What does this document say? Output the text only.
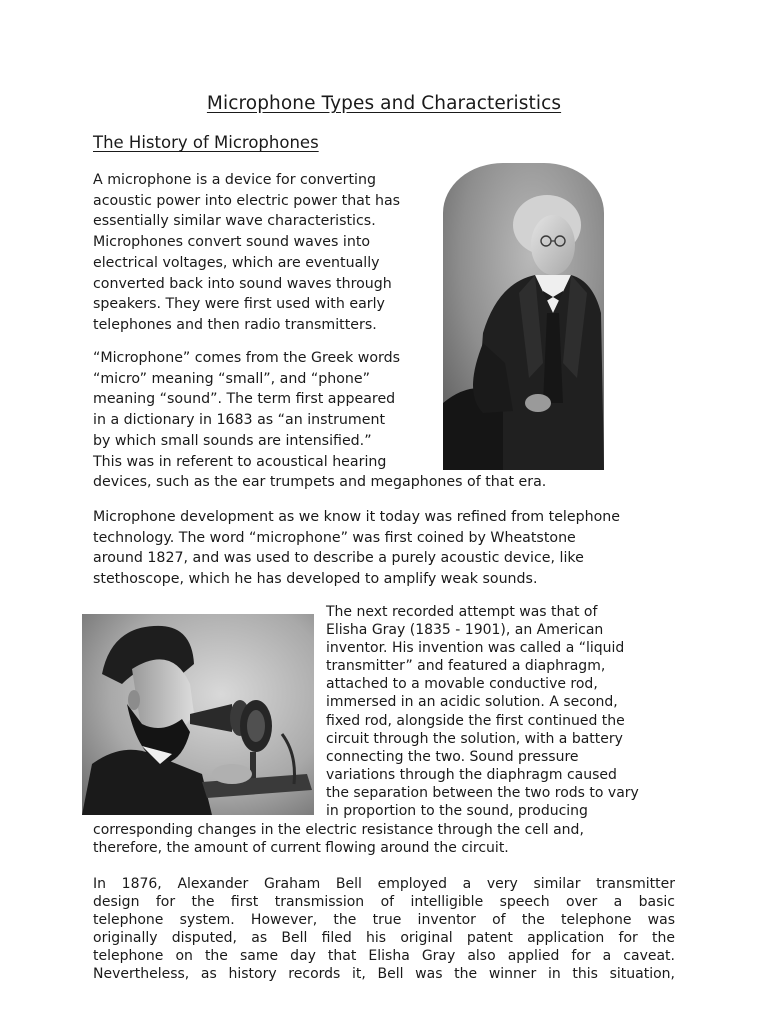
Microphone Types and Characteristics
The History of Microphones
A microphone is a device for converting
acoustic power into electric power that has
essentially similar wave characteristics.
Microphones convert sound waves into
electrical voltages, which are eventually
converted back into sound waves through
speakers. They were first used with early
telephones and then radio transmitters.
“Microphone” comes from the Greek words
“micro” meaning “small”, and “phone”
meaning “sound”. The term first appeared
in a dictionary in 1683 as “an instrument
by which small sounds are intensified.”
This was in referent to acoustical hearing
devices, such as the ear trumpets and megaphones of that era.
Microphone development as we know it today was refined from telephone
technology. The word “microphone” was first coined by Wheatstone
around 1827, and was used to describe a purely acoustic device, like
stethoscope, which he has developed to amplify weak sounds.
The next recorded attempt was that of
Elisha Gray (1835 - 1901), an American
inventor. His invention was called a “liquid
transmitter” and featured a diaphragm,
attached to a movable conductive rod,
immersed in an acidic solution. A second,
fixed rod, alongside the first continued the
circuit through the solution, with a battery
connecting the two. Sound pressure
variations through the diaphragm caused
the separation between the two rods to vary
in proportion to the sound, producing
corresponding changes in the electric resistance through the cell and,
therefore, the amount of current flowing around the circuit.
In 1876, Alexander Graham Bell employed a very similar transmitter
design for the first transmission of intelligible speech over a basic
telephone system. However, the true inventor of the telephone was
originally disputed, as Bell filed his original patent application for the
telephone on the same day that Elisha Gray also applied for a caveat.
Nevertheless, as history records it, Bell was the winner in this situation,
